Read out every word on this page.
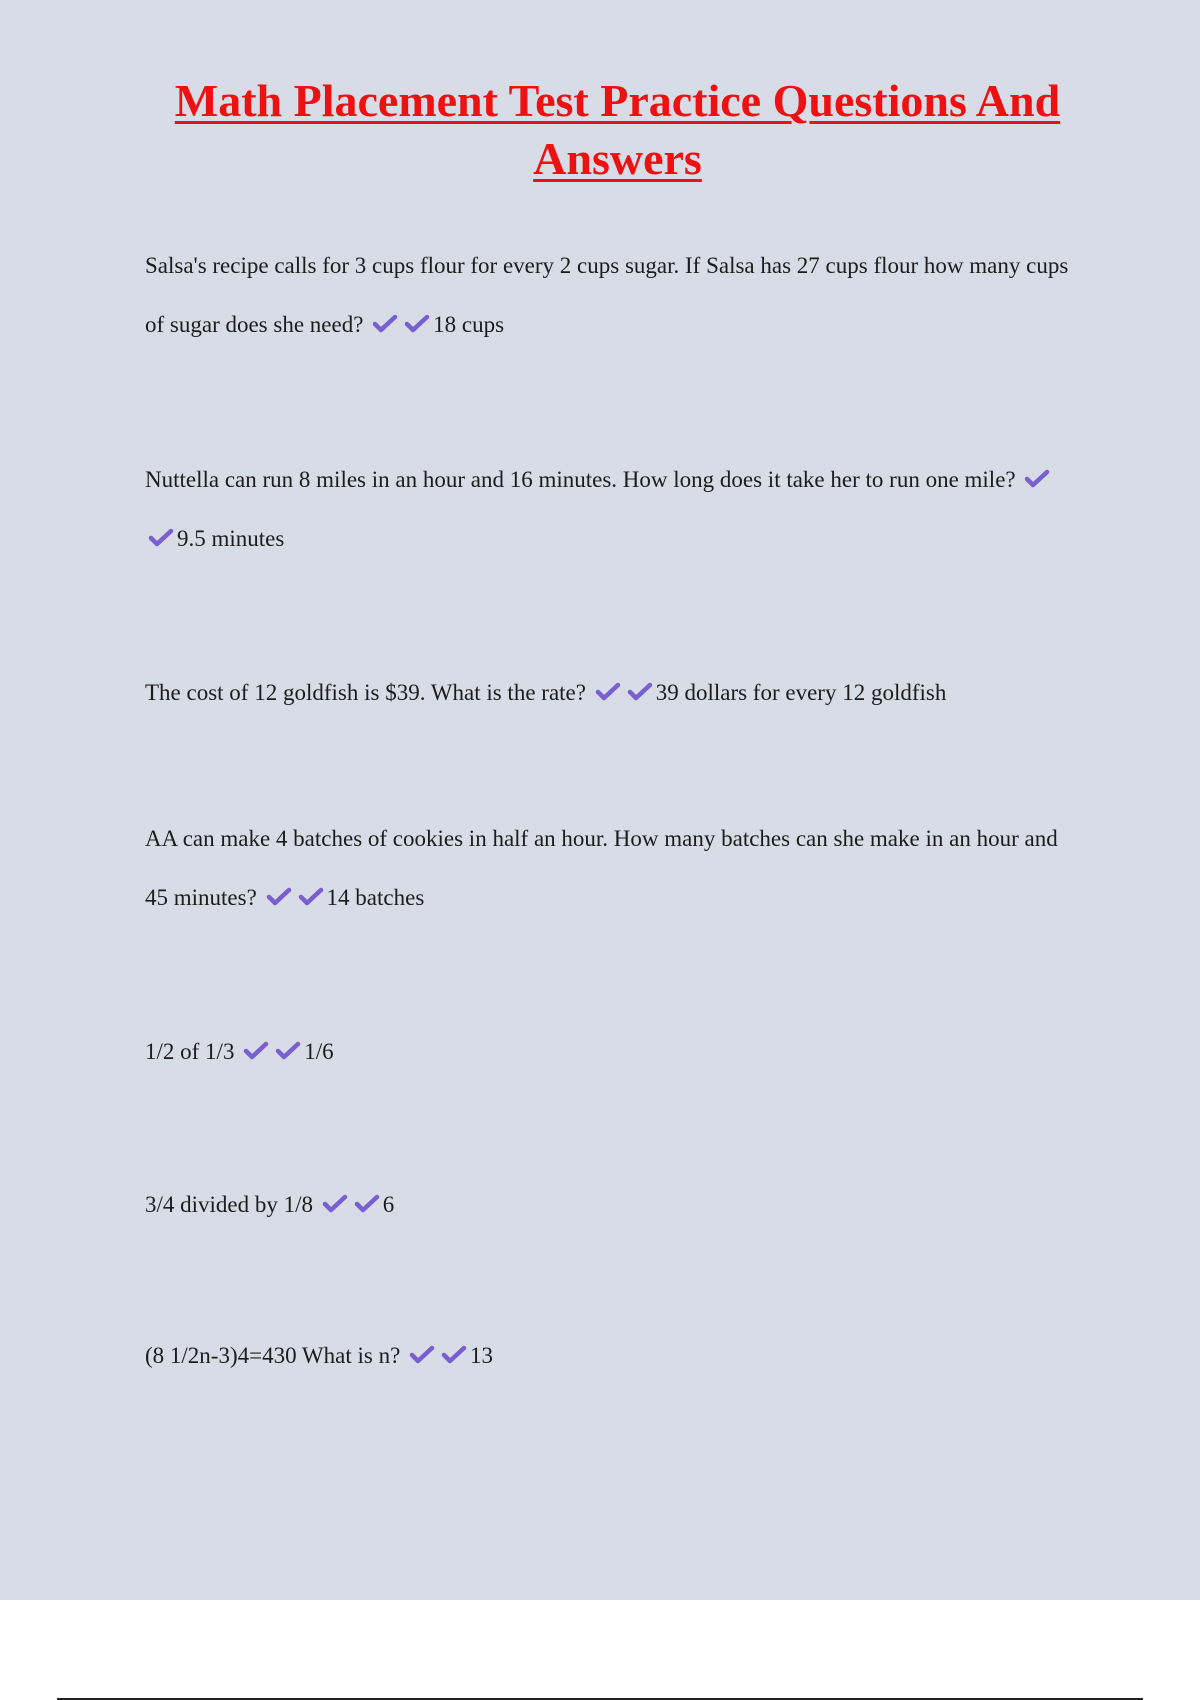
Math Placement Test Practice Questions And Answers

Salsa's recipe calls for 3 cups flour for every 2 cups sugar. If Salsa has 27 cups flour how many cups of sugar does she need?	18 cups

Nuttella can run 8 miles in an hour and 16 minutes. How long does it take her to run one mile?
9.5 minutes

The cost of 12 goldfish is $39. What is the rate?	39 dollars for every 12 goldfish

AA can make 4 batches of cookies in half an hour. How many batches can she make in an hour and 45 minutes?	14 batches

1/2 of 1/3	1/6

3/4 divided by 1/8	6

(8 1/2n-3)4=430 What is n?	13
